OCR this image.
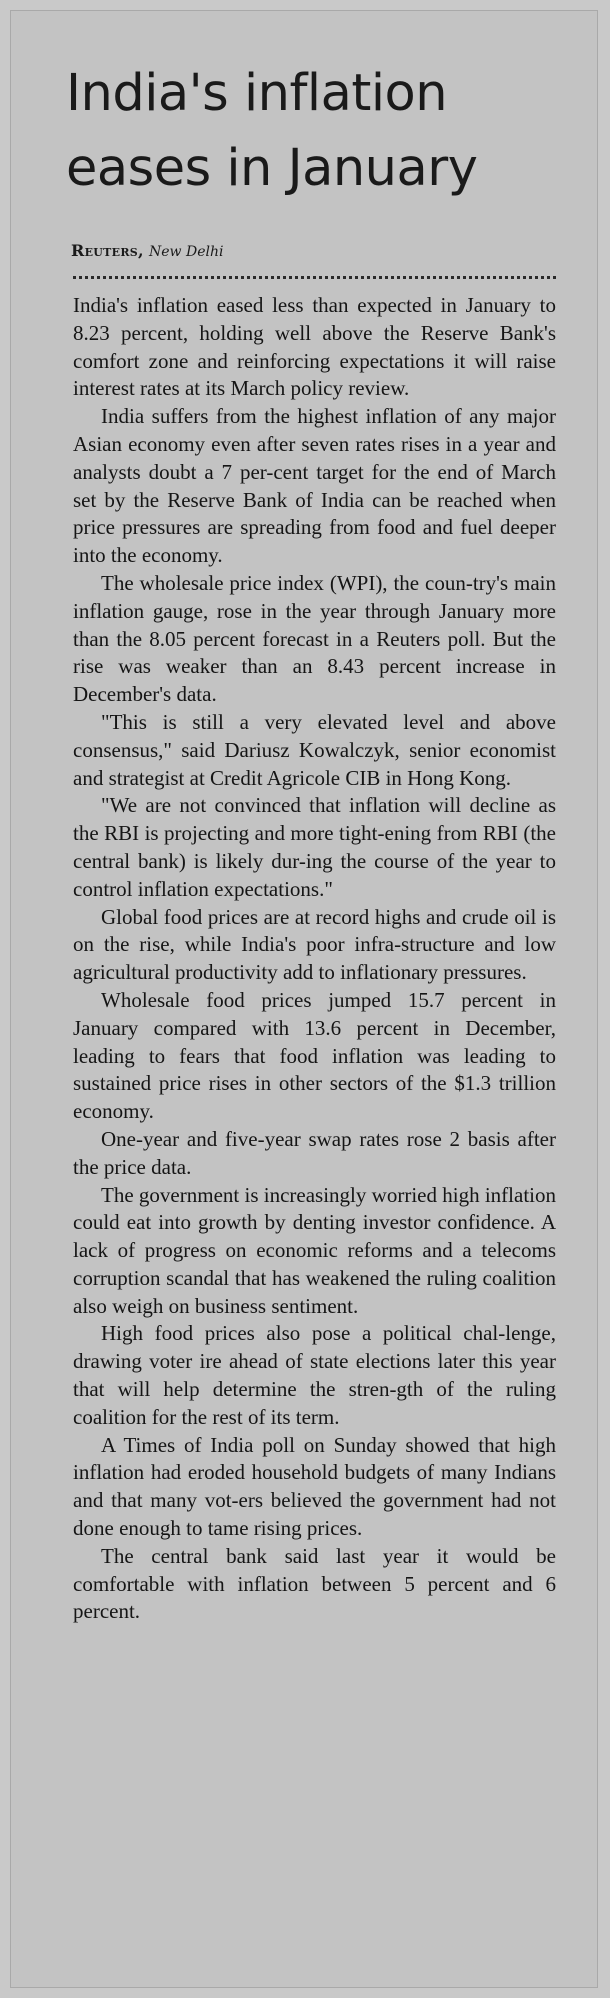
India's inflation
eases in January
Reuters, New Delhi

India's inflation eased less than expected in January to 8.23 percent, holding well above the Reserve Bank's comfort zone and reinforcing expectations it will raise interest rates at its March policy review.

India suffers from the highest inflation of any major Asian economy even after seven rates rises in a year and analysts doubt a 7 per-cent target for the end of March set by the Reserve Bank of India can be reached when price pressures are spreading from food and fuel deeper into the economy.

The wholesale price index (WPI), the coun-try's main inflation gauge, rose in the year through January more than the 8.05 percent forecast in a Reuters poll. But the rise was weaker than an 8.43 percent increase in December's data.

"This is still a very elevated level and above consensus," said Dariusz Kowalczyk, senior economist and strategist at Credit Agricole CIB in Hong Kong.

"We are not convinced that inflation will decline as the RBI is projecting and more tight-ening from RBI (the central bank) is likely dur-ing the course of the year to control inflation expectations."

Global food prices are at record highs and crude oil is on the rise, while India's poor infra-structure and low agricultural productivity add to inflationary pressures.

Wholesale food prices jumped 15.7 percent in January compared with 13.6 percent in December, leading to fears that food inflation was leading to sustained price rises in other sectors of the $1.3 trillion economy.

One-year and five-year swap rates rose 2 basis after the price data.

The government is increasingly worried high inflation could eat into growth by denting investor confidence. A lack of progress on economic reforms and a telecoms corruption scandal that has weakened the ruling coalition also weigh on business sentiment.

High food prices also pose a political chal-lenge, drawing voter ire ahead of state elections later this year that will help determine the stren-gth of the ruling coalition for the rest of its term.

A Times of India poll on Sunday showed that high inflation had eroded household budgets of many Indians and that many vot-ers believed the government had not done enough to tame rising prices.

The central bank said last year it would be comfortable with inflation between 5 percent and 6 percent.
